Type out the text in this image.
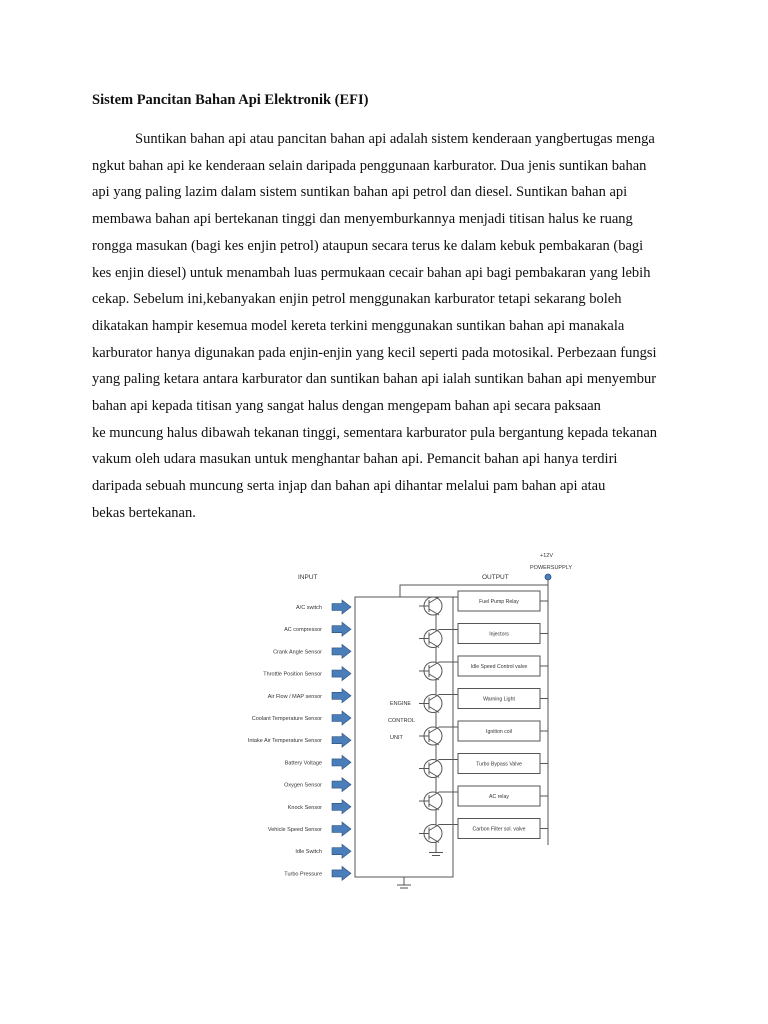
Sistem Pancitan Bahan Api Elektronik (EFI)
Suntikan bahan api atau pancitan bahan api adalah sistem kenderaan yangbertugas menga
ngkut bahan api ke kenderaan selain daripada penggunaan karburator. Dua jenis suntikan bahan
api yang paling lazim dalam sistem suntikan bahan api petrol dan diesel. Suntikan bahan api
membawa bahan api bertekanan tinggi dan menyemburkannya menjadi titisan halus ke ruang
rongga masukan (bagi kes enjin petrol) ataupun secara terus ke dalam kebuk pembakaran (bagi
kes enjin diesel) untuk menambah luas permukaan cecair bahan api bagi pembakaran yang lebih
cekap. Sebelum ini,kebanyakan enjin petrol menggunakan karburator tetapi sekarang boleh
dikatakan hampir kesemua model kereta terkini menggunakan suntikan bahan api manakala
karburator hanya digunakan pada enjin-enjin yang kecil seperti pada motosikal. Perbezaan fungsi
yang paling ketara antara karburator dan suntikan bahan api ialah suntikan bahan api menyembur
bahan api kepada titisan yang sangat halus dengan mengepam bahan api secara paksaan
ke muncung halus dibawah tekanan tinggi, sementara karburator pula bergantung kepada tekanan
vakum oleh udara masukan untuk menghantar bahan api. Pemancit bahan api hanya terdiri
daripada sebuah muncung serta injap dan bahan api dihantar melalui pam bahan api atau
bekas bertekanan.
INPUT	OUTPUT
+12V
POWERSUPPLY
ENGINE
CONTROL
UNIT
A/C switch
AC compressor
Crank Angle Sensor
Throttle Position Sensor
Air Flow / MAP sensor
Coolant Temperature Sensor
Intake Air Temperature Sensor
Battery Voltage
Oxygen Sensor
Knock Sensor
Vehicle Speed Sensor
Idle Switch
Turbo Pressure
Fuel Pump Relay
Injectors
Idle Speed Control valve
Warning Light
Ignition coil
Turbo Bypass Valve
AC relay
Carbon Filter sol. valve
